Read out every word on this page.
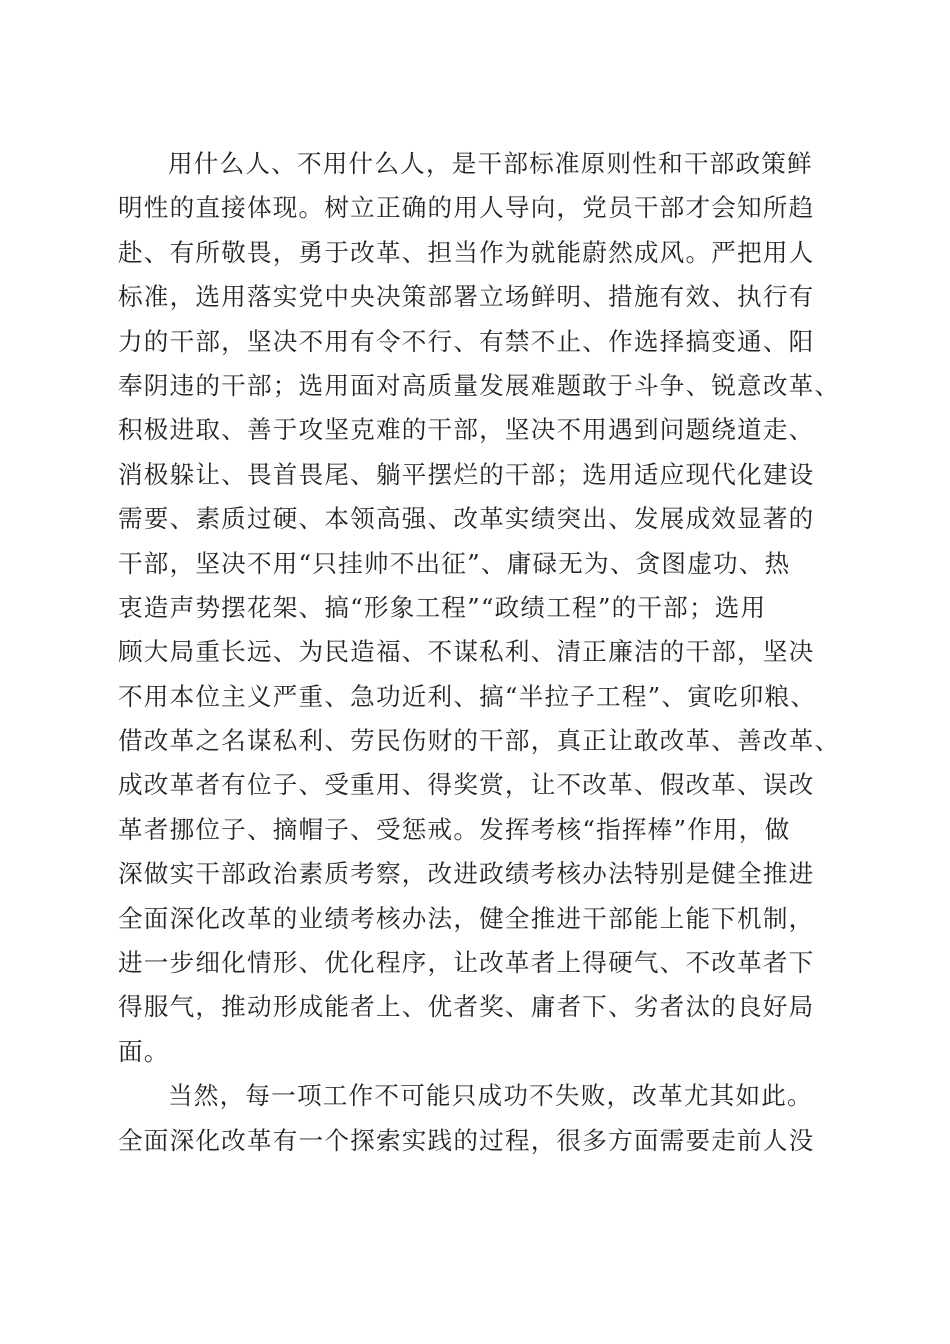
用什么人、不用什么人，是干部标准原则性和干部政策鲜
明性的直接体现。树立正确的用人导向，党员干部才会知所趋
赴、有所敬畏，勇于改革、担当作为就能蔚然成风。严把用人
标准，选用落实党中央决策部署立场鲜明、措施有效、执行有
力的干部，坚决不用有令不行、有禁不止、作选择搞变通、阳
奉阴违的干部；选用面对高质量发展难题敢于斗争、锐意改革、
积极进取、善于攻坚克难的干部，坚决不用遇到问题绕道走、
消极躲让、畏首畏尾、躺平摆烂的干部；选用适应现代化建设
需要、素质过硬、本领高强、改革实绩突出、发展成效显著的
干部，坚决不用“只挂帅不出征”、庸碌无为、贪图虚功、热
衷造声势摆花架、搞“形象工程”“政绩工程”的干部；选用
顾大局重长远、为民造福、不谋私利、清正廉洁的干部，坚决
不用本位主义严重、急功近利、搞“半拉子工程”、寅吃卯粮、
借改革之名谋私利、劳民伤财的干部，真正让敢改革、善改革、
成改革者有位子、受重用、得奖赏，让不改革、假改革、误改
革者挪位子、摘帽子、受惩戒。发挥考核“指挥棒”作用，做
深做实干部政治素质考察，改进政绩考核办法特别是健全推进
全面深化改革的业绩考核办法，健全推进干部能上能下机制，
进一步细化情形、优化程序，让改革者上得硬气、不改革者下
得服气，推动形成能者上、优者奖、庸者下、劣者汰的良好局
面。
当然，每一项工作不可能只成功不失败，改革尤其如此。
全面深化改革有一个探索实践的过程，很多方面需要走前人没
